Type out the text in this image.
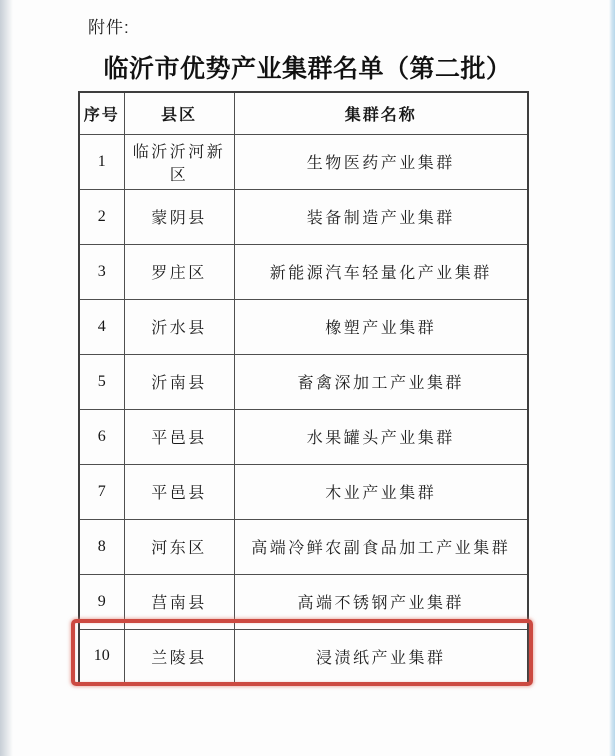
附件:
临沂市优势产业集群名单（第二批）
序号	县区	集群名称
1	临沂沂河新区	生物医药产业集群
2	蒙阴县	装备制造产业集群
3	罗庄区	新能源汽车轻量化产业集群
4	沂水县	橡塑产业集群
5	沂南县	畜禽深加工产业集群
6	平邑县	水果罐头产业集群
7	平邑县	木业产业集群
8	河东区	高端冷鲜农副食品加工产业集群
9	莒南县	高端不锈钢产业集群
10	兰陵县	浸渍纸产业集群
